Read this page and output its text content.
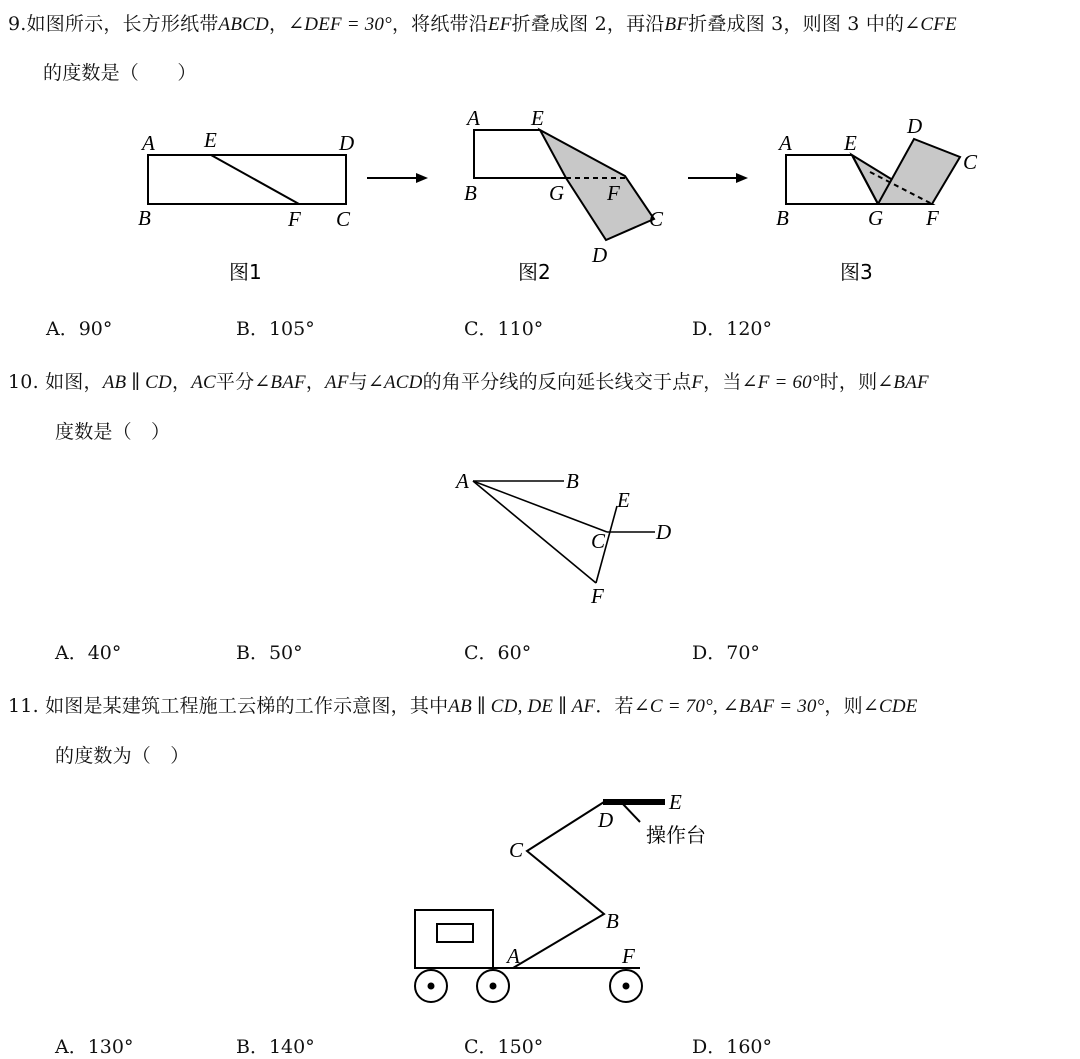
9.如图所示，长方形纸带ABCD，∠DEF = 30°，将纸带沿EF折叠成图 2，再沿BF折叠成图 3，则图 3 中的∠CFE
的度数是（　　）
A E	D
B	F C
图1
A E
B	G F
C
D
图2
A E
D
C
B	G F
图3
A．90°	B．105°	C．110°	D．120°
10. 如图，AB ∥ CD，AC平分∠BAF，AF与∠ACD的角平分线的反向延长线交于点F，当∠F = 60°时，则∠BAF
度数是（　）
A	B
E
C D
F
A．40°	B．50°	C．60°	D．70°
11. 如图是某建筑工程施工云梯的工作示意图，其中AB ∥ CD, DE ∥ AF．若∠C = 70°, ∠BAF = 30°，则∠CDE
的度数为（　）
E
D
操作台
C
B
A	F
A．130°	B．140°	C．150°	D．160°
